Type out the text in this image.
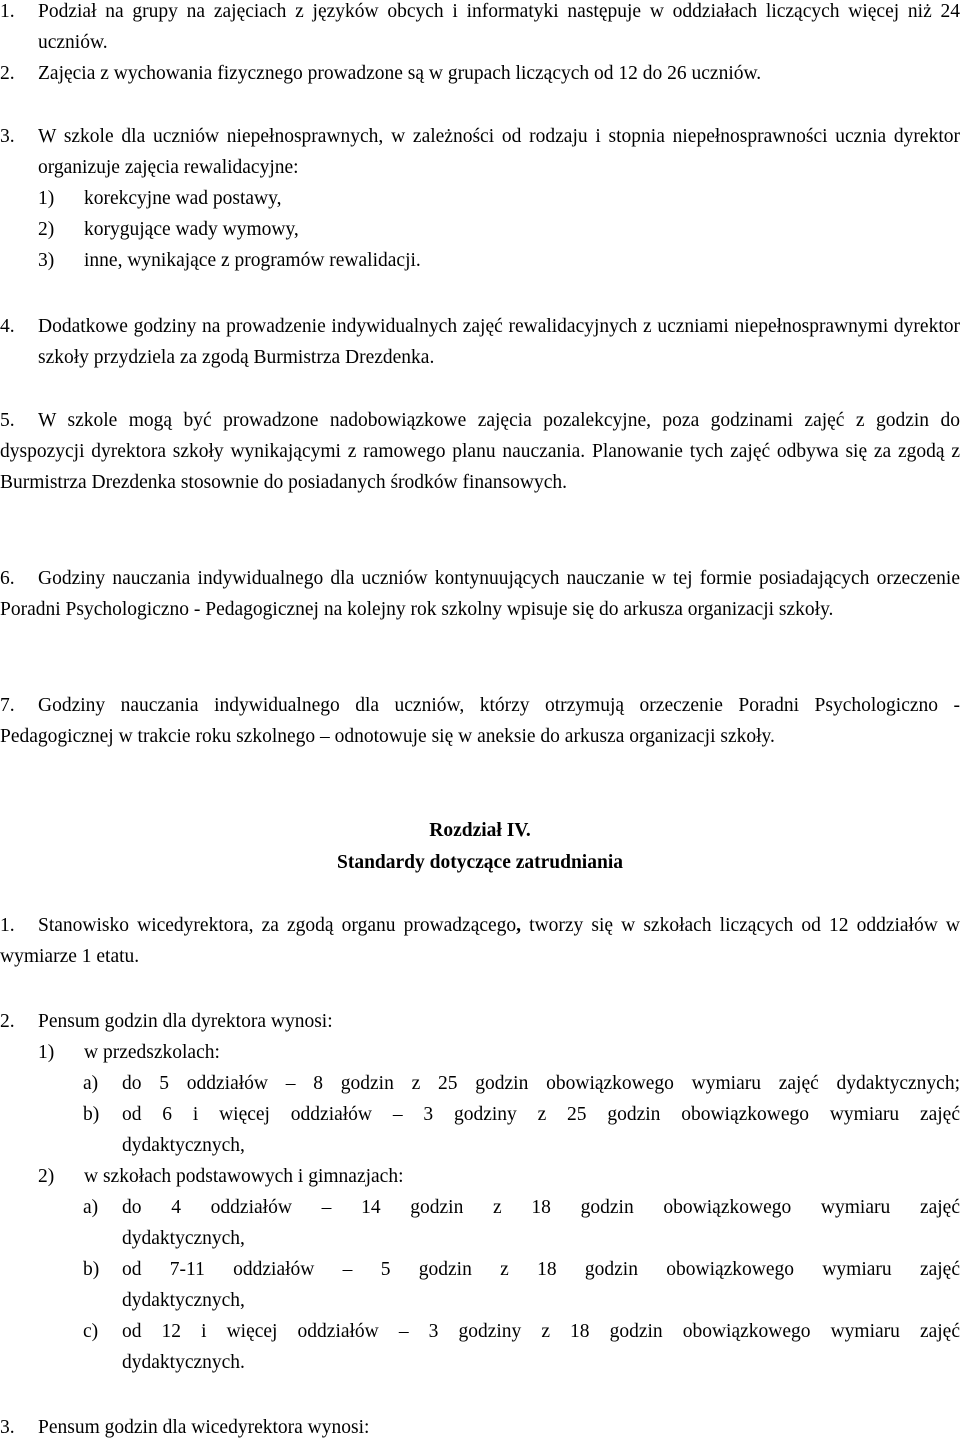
1.	Podział na grupy na zajęciach z języków obcych i informatyki następuje w oddziałach liczących więcej niż 24 uczniów.
2.	Zajęcia z wychowania fizycznego prowadzone są w grupach liczących od 12 do 26 uczniów.
3.	W szkole dla uczniów niepełnosprawnych, w zależności od rodzaju i stopnia niepełnosprawności ucznia dyrektor organizuje zajęcia rewalidacyjne:
1)	korekcyjne wad postawy,
2)	korygujące wady wymowy,
3)	inne, wynikające z programów rewalidacji.
4.	Dodatkowe godziny na prowadzenie indywidualnych zajęć rewalidacyjnych z uczniami niepełnosprawnymi dyrektor szkoły przydziela za zgodą Burmistrza Drezdenka.
5.	W szkole mogą być prowadzone nadobowiązkowe zajęcia pozalekcyjne, poza godzinami zajęć z godzin do dyspozycji dyrektora szkoły wynikającymi z ramowego planu nauczania. Planowanie tych zajęć odbywa się za zgodą z Burmistrza Drezdenka stosownie do posiadanych środków finansowych.
6.	Godziny nauczania indywidualnego dla uczniów kontynuujących nauczanie w tej formie posiadających orzeczenie Poradni Psychologiczno - Pedagogicznej na kolejny rok szkolny wpisuje się do arkusza organizacji szkoły.
7.	Godziny nauczania indywidualnego dla uczniów, którzy otrzymują orzeczenie Poradni Psychologiczno - Pedagogicznej w trakcie roku szkolnego – odnotowuje się w aneksie do arkusza organizacji szkoły.
Rozdział IV.
Standardy dotyczące zatrudniania
1.	Stanowisko wicedyrektora, za zgodą organu prowadzącego, tworzy się w szkołach liczących od 12 oddziałów w wymiarze 1 etatu.
2.	Pensum godzin dla dyrektora wynosi:
1)	w przedszkolach:
a)	do 5 oddziałów – 8 godzin z 25 godzin obowiązkowego wymiaru zajęć dydaktycznych;
b)	od 6 i więcej oddziałów – 3 godziny z 25 godzin obowiązkowego wymiaru zajęć
dydaktycznych,
2)	w szkołach podstawowych i gimnazjach:
a)	do 4 oddziałów – 14 godzin z 18 godzin obowiązkowego wymiaru zajęć
dydaktycznych,
b)	od 7-11 oddziałów – 5 godzin z 18 godzin obowiązkowego wymiaru zajęć
dydaktycznych,
c)	od 12 i więcej oddziałów – 3 godziny z 18 godzin obowiązkowego wymiaru zajęć
dydaktycznych.
3.	Pensum godzin dla wicedyrektora wynosi:
